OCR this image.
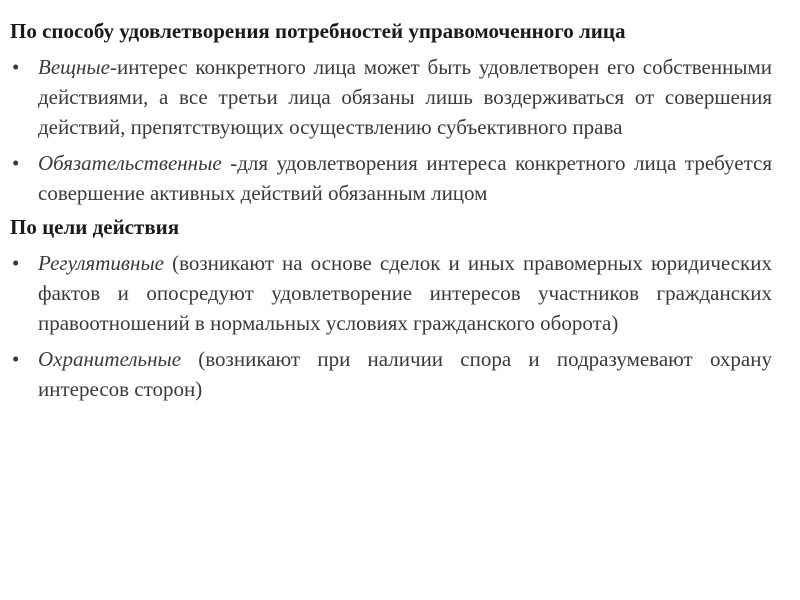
По способу удовлетворения потребностей управомоченного лица

• Вещные-интерес конкретного лица может быть удовлетворен его собственными действиями, а все третьи лица обязаны лишь воздерживаться от совершения действий, препятствующих осуществлению субъективного права
• Обязательственные -для удовлетворения интереса конкретного лица требуется совершение активных действий обязанным лицом

По цели действия

• Регулятивные (возникают на основе сделок и иных правомерных юридических фактов и опосредуют удовлетворение интересов участников гражданских правоотношений в нормальных условиях гражданского оборота)
• Охранительные (возникают при наличии спора и подразумевают охрану интересов сторон)
